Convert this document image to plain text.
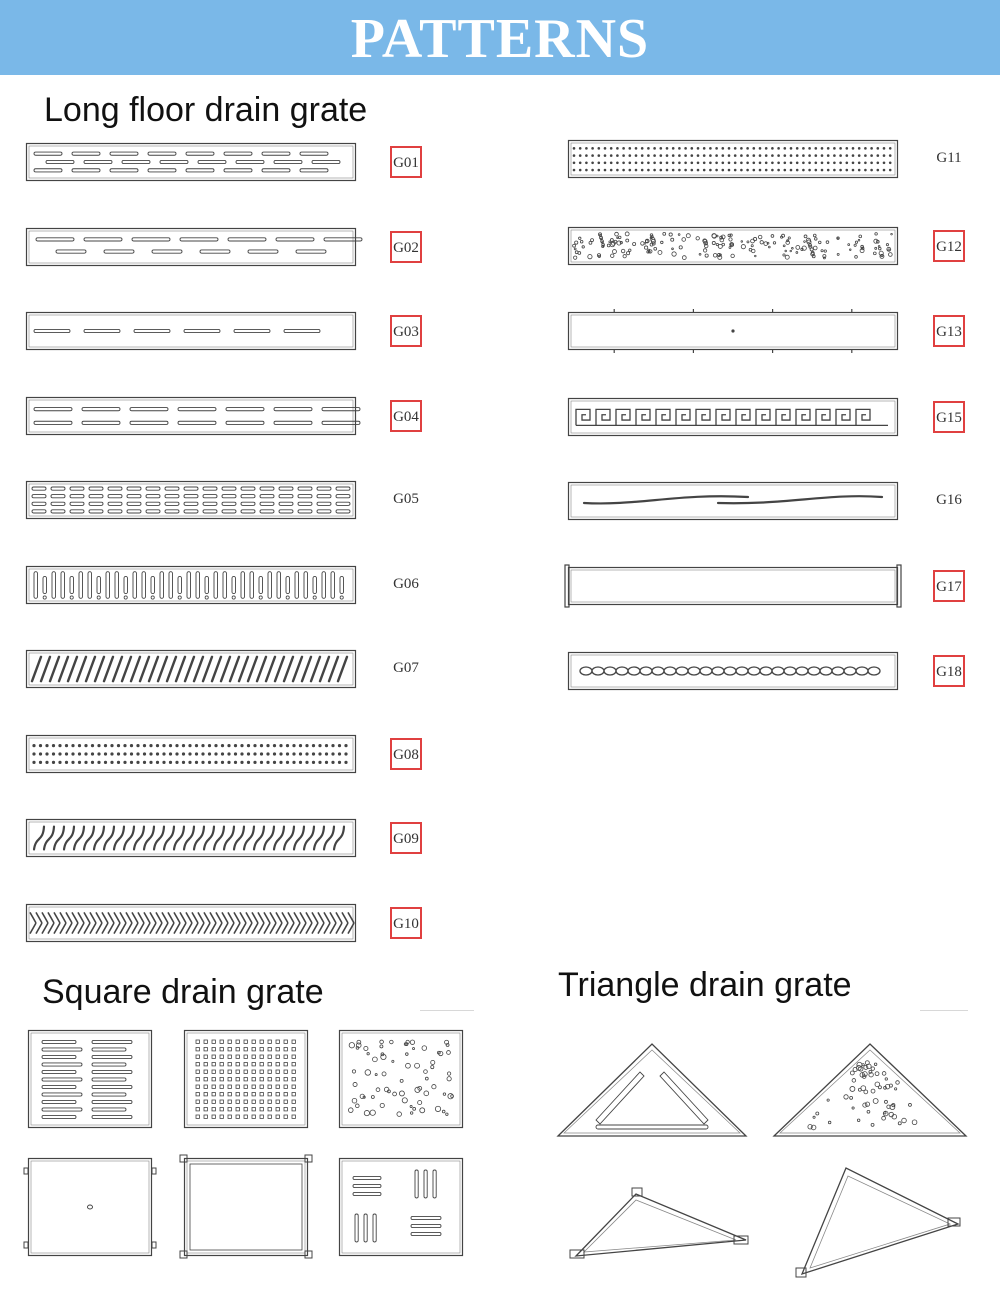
PATTERNS
Long floor drain grate
Square drain grate	Triangle drain grate
G01
G02
G03
G04
G05
G06
G07
G08
G09
G10
G11
G12
G13
G15
G16
G17
G18
